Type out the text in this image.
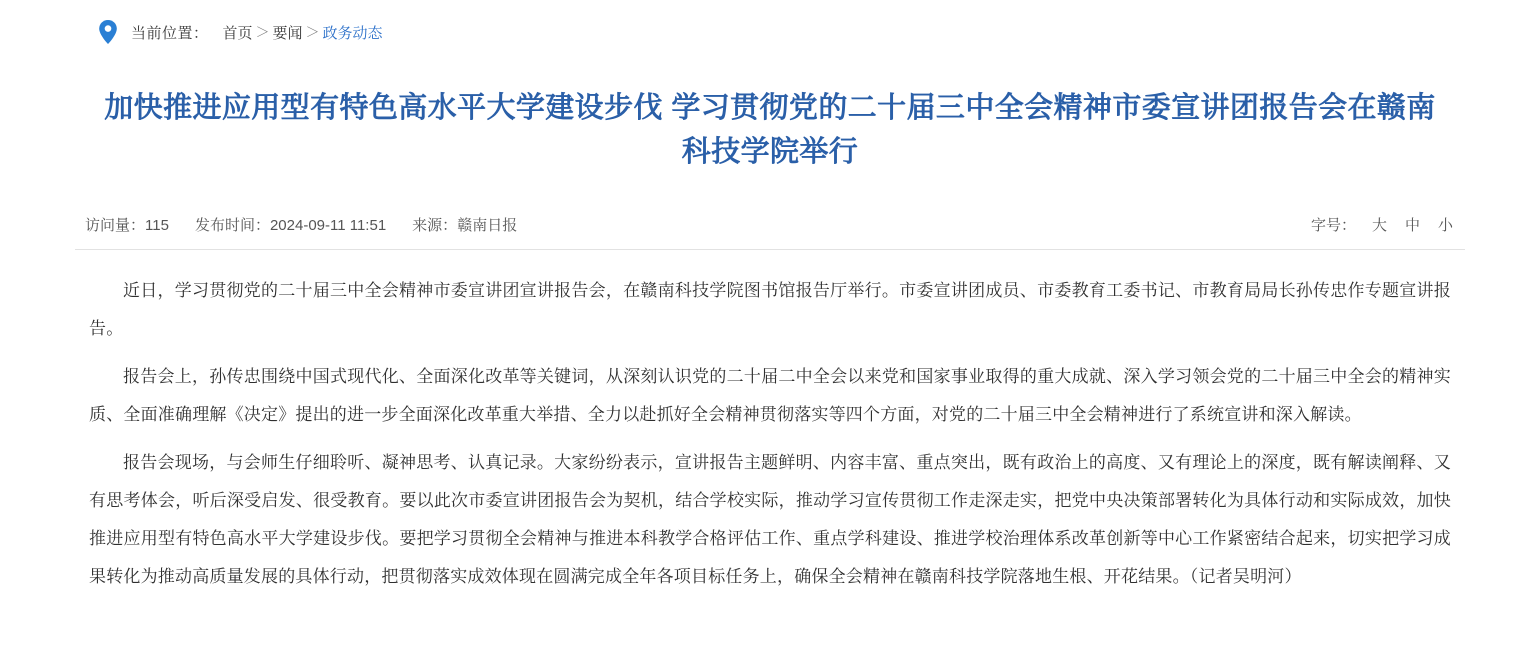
当前位置： 首页 ＞ 要闻 ＞ 政务动态
加快推进应用型有特色高水平大学建设步伐 学习贯彻党的二十届三中全会精神市委宣讲团报告会在赣南科技学院举行
访问量：115 发布时间：2024-09-11 11:51 来源：赣南日报	字号： 大 中 小

近日，学习贯彻党的二十届三中全会精神市委宣讲团宣讲报告会，在赣南科技学院图书馆报告厅举行。市委宣讲团成员、市委教育工委书记、市教育局局长孙传忠作专题宣讲报告。

报告会上，孙传忠围绕中国式现代化、全面深化改革等关键词，从深刻认识党的二十届二中全会以来党和国家事业取得的重大成就、深入学习领会党的二十届三中全会的精神实质、全面准确理解《决定》提出的进一步全面深化改革重大举措、全力以赴抓好全会精神贯彻落实等四个方面，对党的二十届三中全会精神进行了系统宣讲和深入解读。

报告会现场，与会师生仔细聆听、凝神思考、认真记录。大家纷纷表示，宣讲报告主题鲜明、内容丰富、重点突出，既有政治上的高度、又有理论上的深度，既有解读阐释、又有思考体会，听后深受启发、很受教育。要以此次市委宣讲团报告会为契机，结合学校实际，推动学习宣传贯彻工作走深走实，把党中央决策部署转化为具体行动和实际成效，加快推进应用型有特色高水平大学建设步伐。要把学习贯彻全会精神与推进本科教学合格评估工作、重点学科建设、推进学校治理体系改革创新等中心工作紧密结合起来，切实把学习成果转化为推动高质量发展的具体行动，把贯彻落实成效体现在圆满完成全年各项目标任务上，确保全会精神在赣南科技学院落地生根、开花结果。（记者吴明河）
